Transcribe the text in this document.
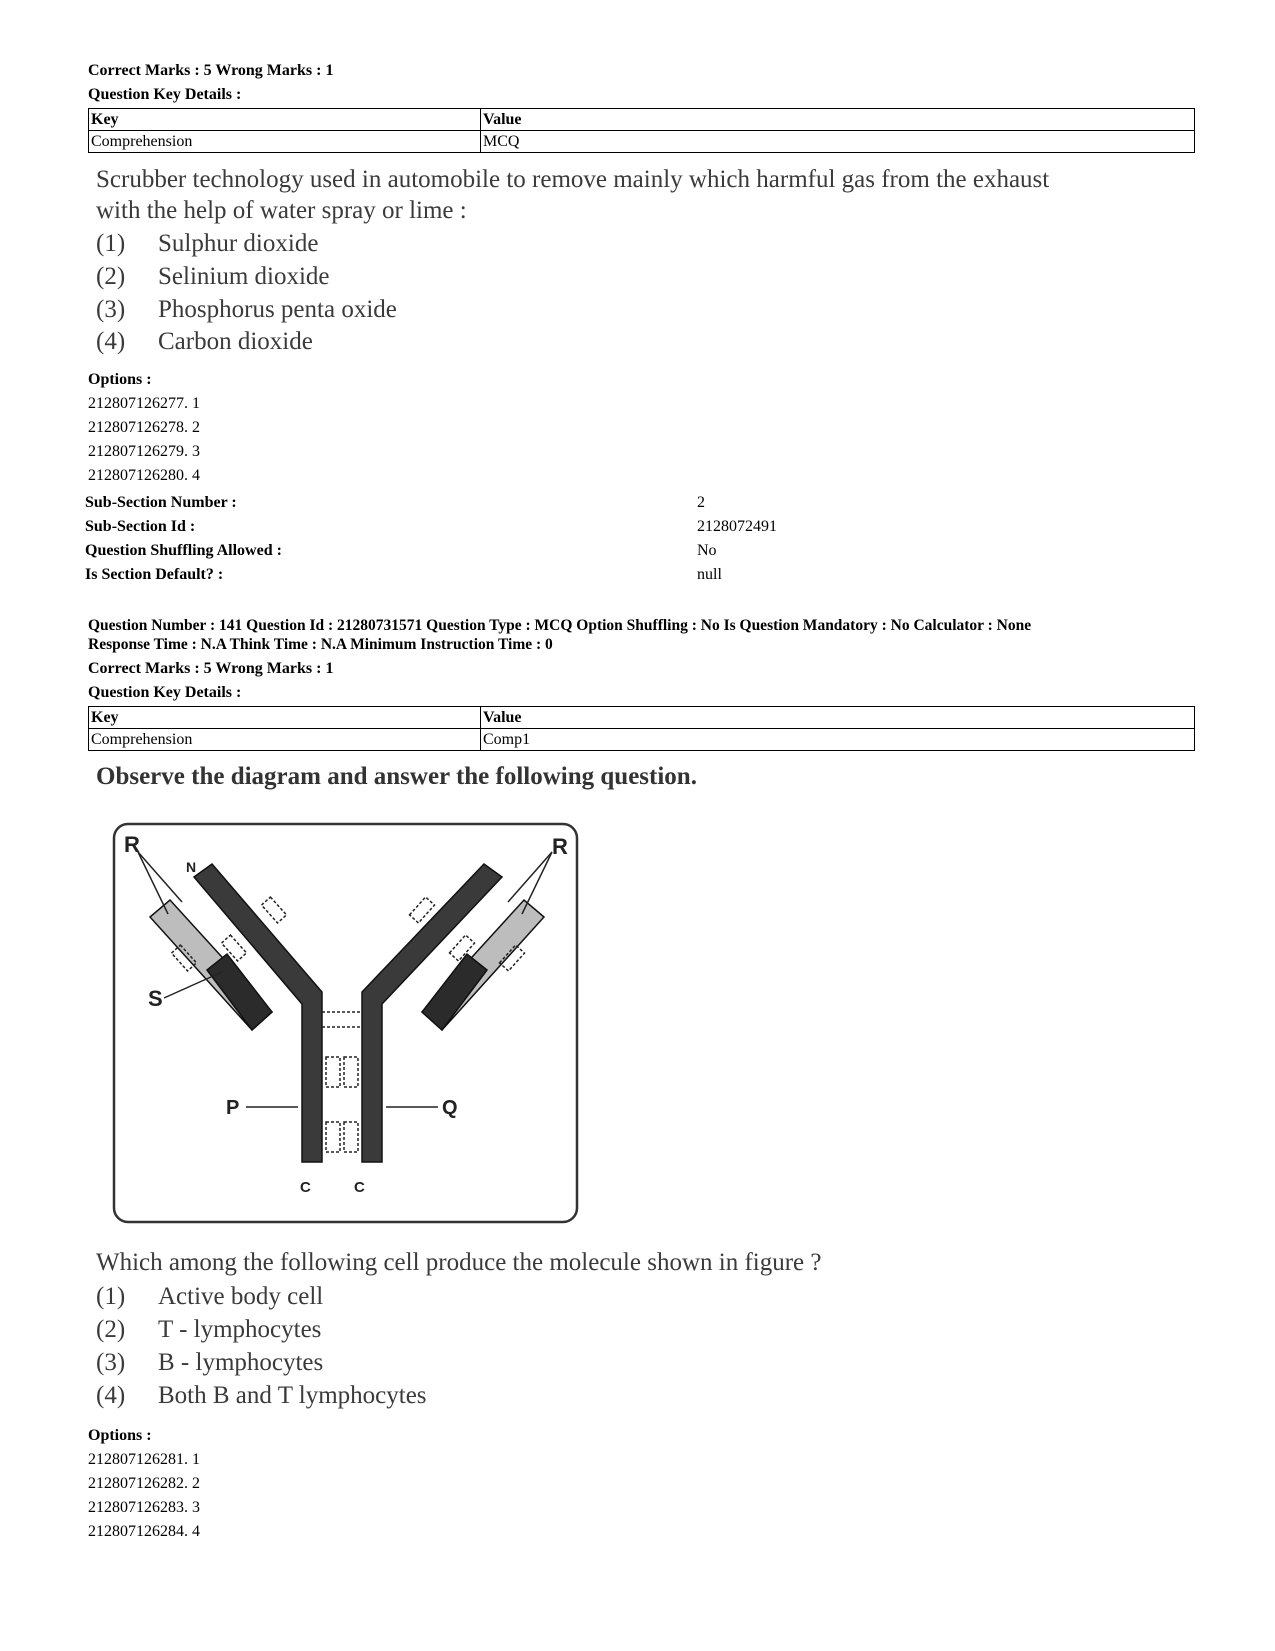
Correct Marks : 5 Wrong Marks : 1
Question Key Details :
Key	Value
Comprehension	MCQ
Scrubber technology used in automobile to remove mainly which harmful gas from the exhaust
with the help of water spray or lime :
(1) Sulphur dioxide
(2) Selinium dioxide
(3) Phosphorus penta oxide
(4) Carbon dioxide
Options :
212807126277. 1
212807126278. 2
212807126279. 3
212807126280. 4
Sub-Section Number :	2
Sub-Section Id :	2128072491
Question Shuffling Allowed :	No
Is Section Default? :	null
Question Number : 141 Question Id : 21280731571 Question Type : MCQ Option Shuffling : No Is Question Mandatory : No Calculator : None
Response Time : N.A Think Time : N.A Minimum Instruction Time : 0
Correct Marks : 5 Wrong Marks : 1
Question Key Details :
Key	Value
Comprehension	Comp1
Observe the diagram and answer the following question.
R	R
N
S
P	Q
C	C
Which among the following cell produce the molecule shown in figure ?
(1) Active body cell
(2) T - lymphocytes
(3) B - lymphocytes
(4) Both B and T lymphocytes
Options :
212807126281. 1
212807126282. 2
212807126283. 3
212807126284. 4
